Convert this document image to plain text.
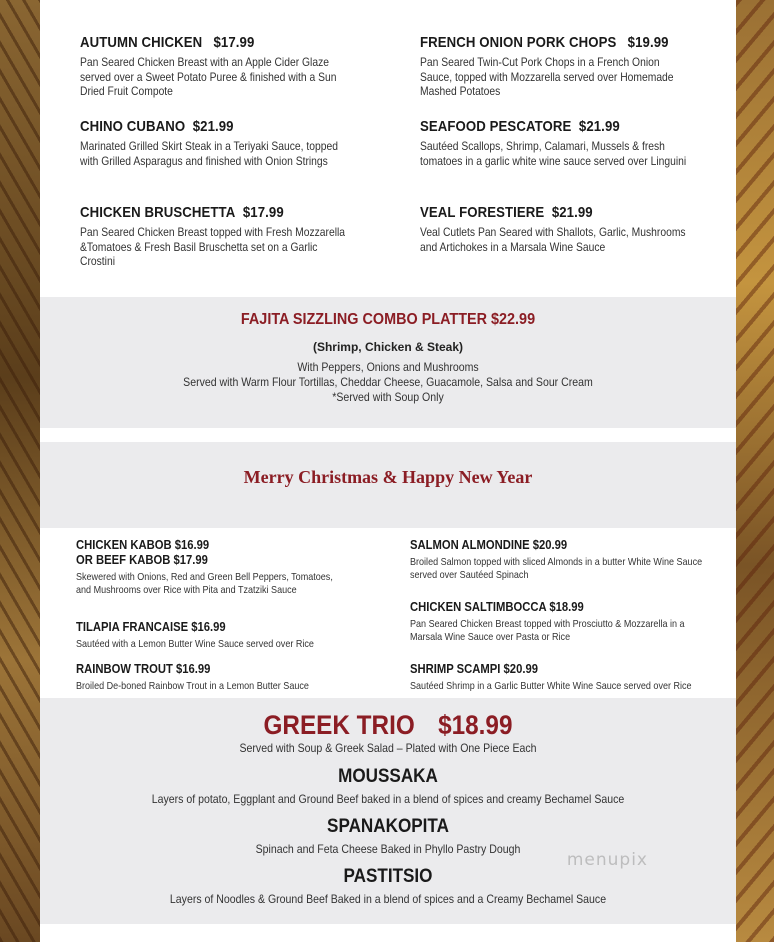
AUTUMN CHICKEN $17.99
Pan Seared Chicken Breast with an Apple Cider Glaze served over a Sweet Potato Puree & finished with a Sun Dried Fruit Compote
CHINO CUBANO $21.99
Marinated Grilled Skirt Steak in a Teriyaki Sauce, topped with Grilled Asparagus and finished with Onion Strings
CHICKEN BRUSCHETTA $17.99
Pan Seared Chicken Breast topped with Fresh Mozzarella &Tomatoes & Fresh Basil Bruschetta set on a Garlic Crostini
FRENCH ONION PORK CHOPS $19.99
Pan Seared Twin-Cut Pork Chops in a French Onion Sauce, topped with Mozzarella served over Homemade Mashed Potatoes
SEAFOOD PESCATORE $21.99
Sautéed Scallops, Shrimp, Calamari, Mussels & fresh tomatoes in a garlic white wine sauce served over Linguini
VEAL FORESTIERE $21.99
Veal Cutlets Pan Seared with Shallots, Garlic, Mushrooms and Artichokes in a Marsala Wine Sauce
FAJITA SIZZLING COMBO PLATTER $22.99
(Shrimp, Chicken & Steak)
With Peppers, Onions and Mushrooms
Served with Warm Flour Tortillas, Cheddar Cheese, Guacamole, Salsa and Sour Cream
*Served with Soup Only
Merry Christmas & Happy New Year
CHICKEN KABOB $16.99
OR BEEF KABOB $17.99
Skewered with Onions, Red and Green Bell Peppers, Tomatoes, and Mushrooms over Rice with Pita and Tzatziki Sauce
TILAPIA FRANCAISE $16.99
Sautéed with a Lemon Butter Wine Sauce served over Rice
RAINBOW TROUT $16.99
Broiled De-boned Rainbow Trout in a Lemon Butter Sauce
SALMON ALMONDINE $20.99
Broiled Salmon topped with sliced Almonds in a butter White Wine Sauce served over Sautéed Spinach
CHICKEN SALTIMBOCCA $18.99
Pan Seared Chicken Breast topped with Prosciutto & Mozzarella in a Marsala Wine Sauce over Pasta or Rice
SHRIMP SCAMPI $20.99
Sautéed Shrimp in a Garlic Butter White Wine Sauce served over Rice
GREEK TRIO $18.99
Served with Soup & Greek Salad – Plated with One Piece Each
MOUSSAKA
Layers of potato, Eggplant and Ground Beef baked in a blend of spices and creamy Bechamel Sauce
SPANAKOPITA
Spinach and Feta Cheese Baked in Phyllo Pastry Dough
PASTITSIO
Layers of Noodles & Ground Beef Baked in a blend of spices and a Creamy Bechamel Sauce
menupix
